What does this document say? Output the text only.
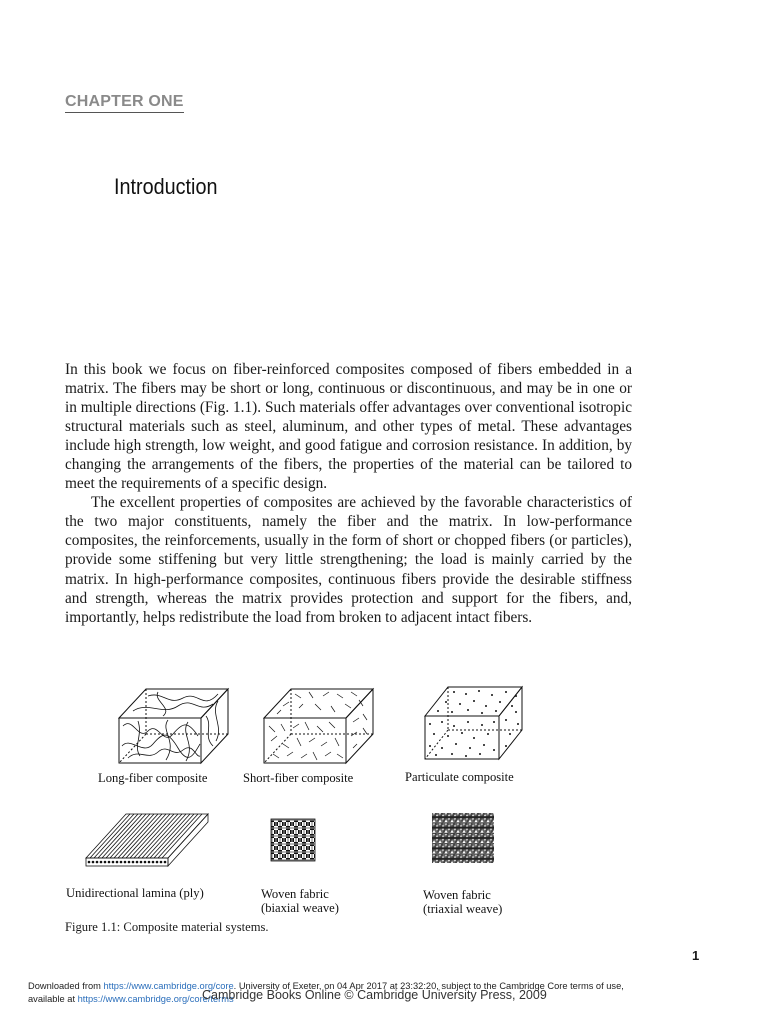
CHAPTER ONE
Introduction

In this book we focus on fiber-reinforced composites composed of fibers embedded in a matrix. The fibers may be short or long, continuous or discontinuous, and may be in one or in multiple directions (Fig. 1.1). Such materials offer advantages over conventional isotropic structural materials such as steel, aluminum, and other types of metal. These advantages include high strength, low weight, and good fatigue and corrosion resistance. In addition, by changing the arrangements of the fibers, the properties of the material can be tailored to meet the requirements of a specific design.

The excellent properties of composites are achieved by the favorable characteristics of the two major constituents, namely the fiber and the matrix. In low-performance composites, the reinforcements, usually in the form of short or chopped fibers (or particles), provide some stiffening but very little strengthening; the load is mainly carried by the matrix. In high-performance composites, continuous fibers provide the desirable stiffness and strength, whereas the matrix provides protection and support for the fibers, and, importantly, helps redistribute the load from broken to adjacent intact fibers.

Long-fiber composite	Short-fiber composite	Particulate composite
Unidirectional lamina (ply)	Woven fabric
(biaxial weave)
Woven fabric
(triaxial weave)
Figure 1.1: Composite material systems.
1
Downloaded from https://www.cambridge.org/core. University of Exeter, on 04 Apr 2017 at 23:32:20, subject to the Cambridge Core terms of use,
available at https://www.cambridge.org/core/terms
Cambridge Books Online © Cambridge University Press, 2009
